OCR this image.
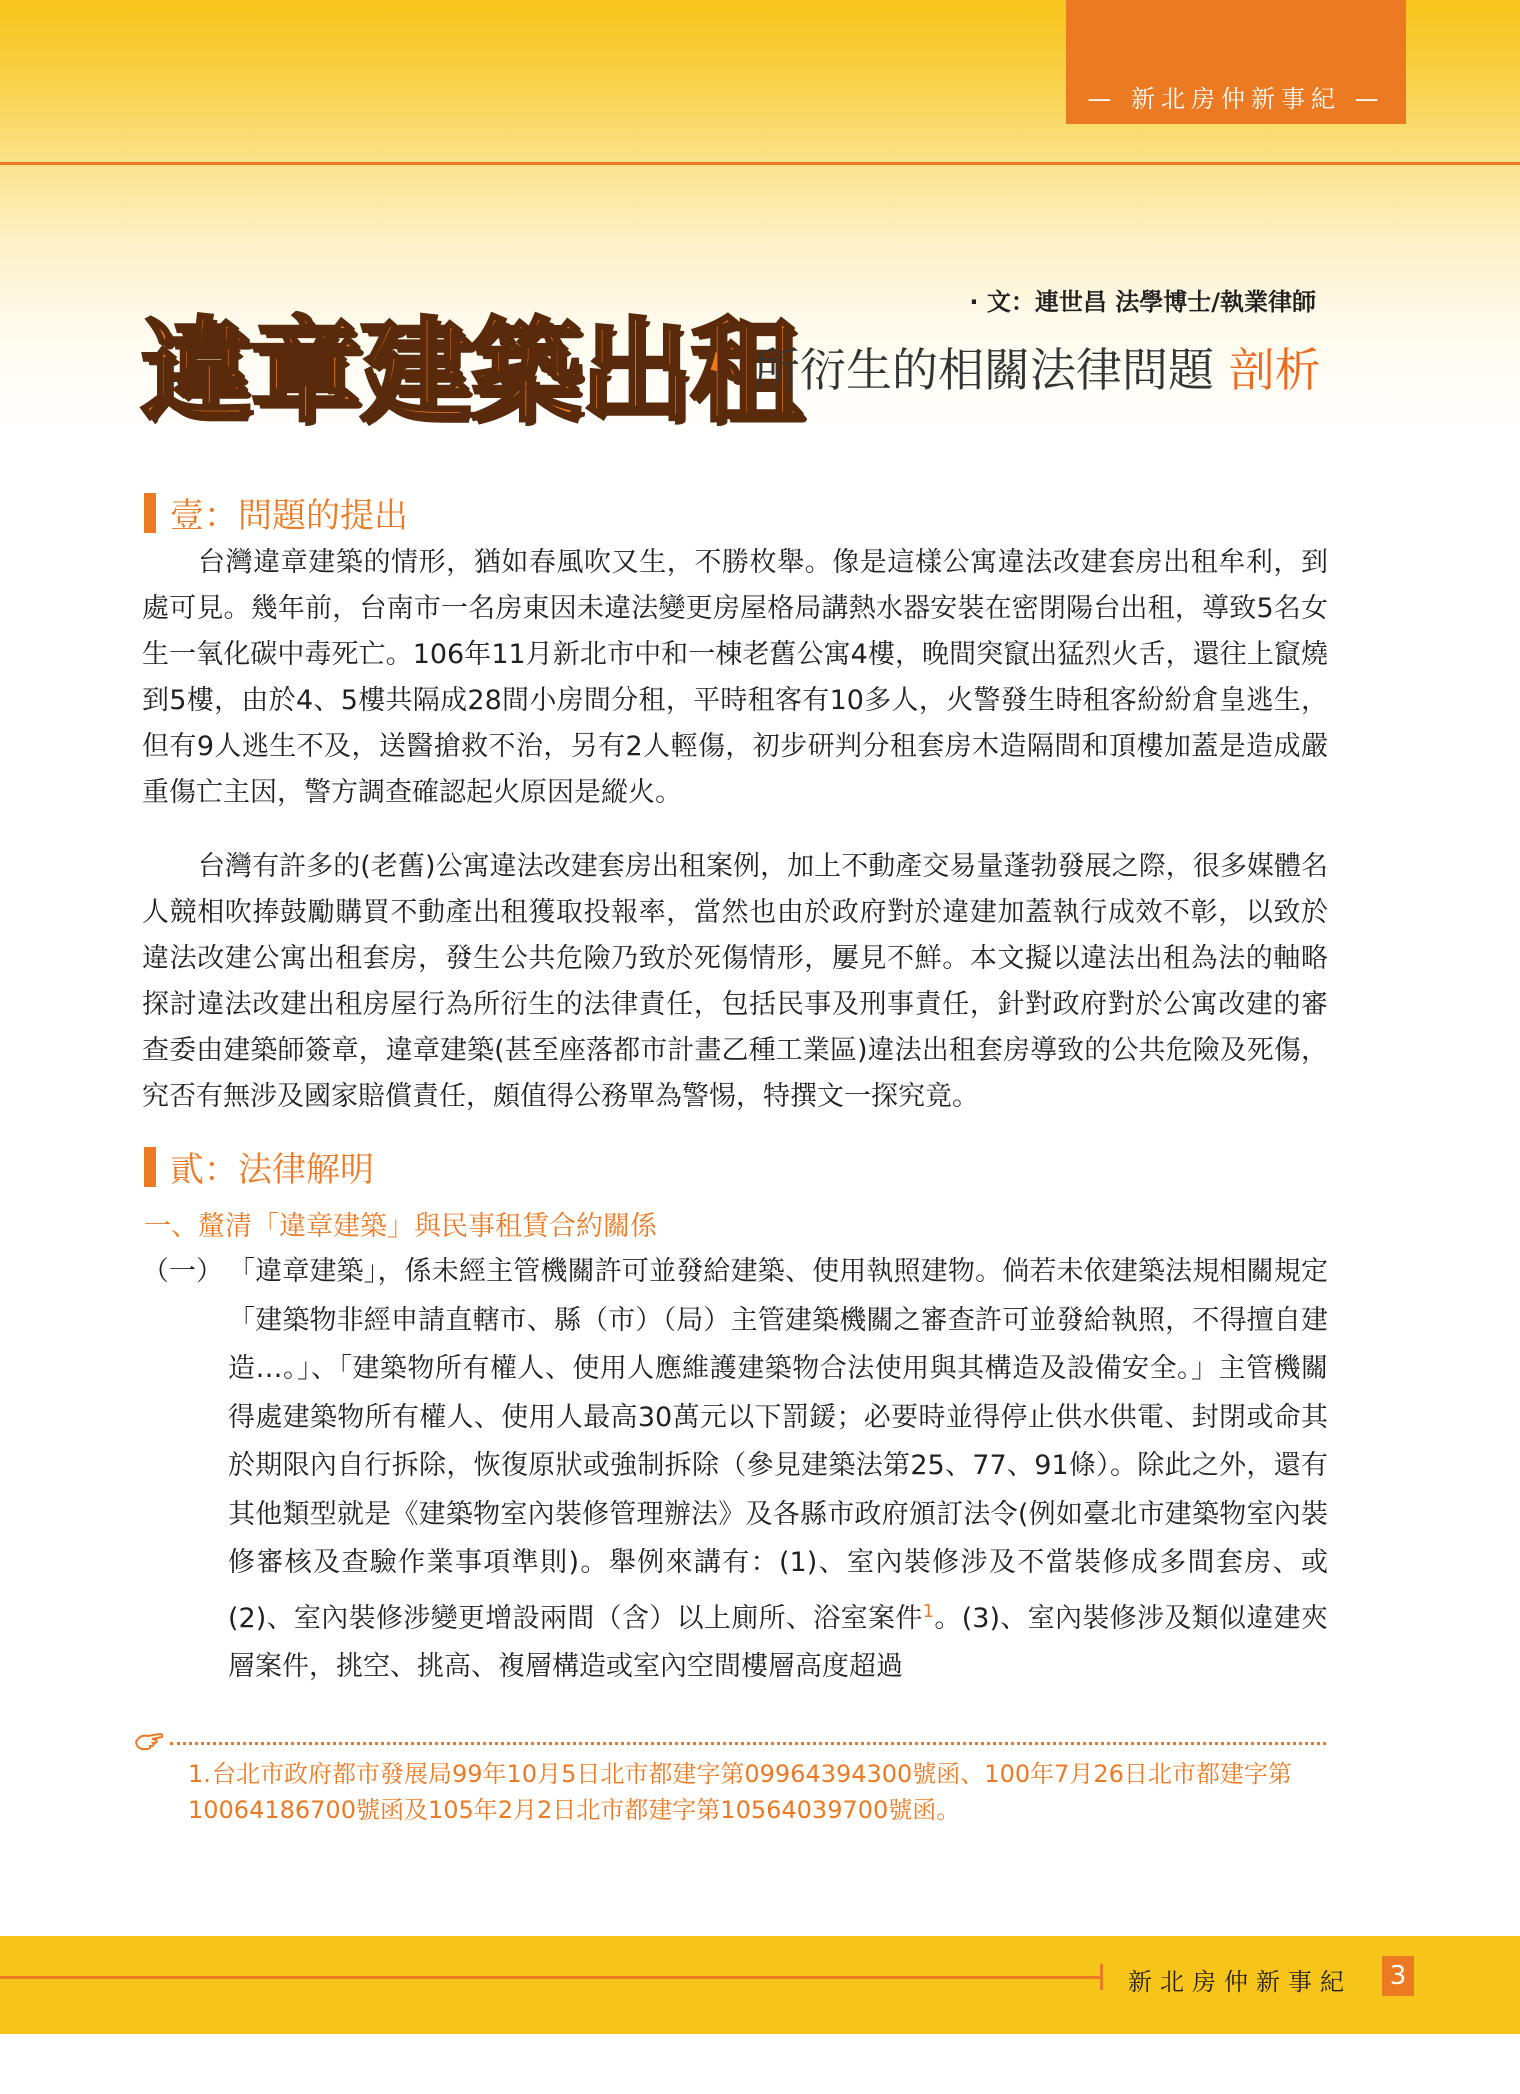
— 新北房仲新事紀 —
· 文：連世昌 法學博士/執業律師
違章建築出租
所衍生的相關法律問題 剖析
壹：問題的提出

台灣違章建築的情形，猶如春風吹又生，不勝枚舉。像是這樣公寓違法改建套房出租牟利，到處可見。幾年前，台南市一名房東因未違法變更房屋格局講熱水器安裝在密閉陽台出租，導致5名女生一氧化碳中毒死亡。106年11月新北市中和一棟老舊公寓4樓，晚間突竄出猛烈火舌，還往上竄燒到5樓，由於4、5樓共隔成28間小房間分租，平時租客有10多人，火警發生時租客紛紛倉皇逃生，但有9人逃生不及，送醫搶救不治，另有2人輕傷，初步研判分租套房木造隔間和頂樓加蓋是造成嚴重傷亡主因，警方調查確認起火原因是縱火。

台灣有許多的(老舊)公寓違法改建套房出租案例，加上不動產交易量蓬勃發展之際，很多媒體名人競相吹捧鼓勵購買不動產出租獲取投報率，當然也由於政府對於違建加蓋執行成效不彰，以致於違法改建公寓出租套房，發生公共危險乃致於死傷情形，屢見不鮮。本文擬以違法出租為法的軸略探討違法改建出租房屋行為所衍生的法律責任，包括民事及刑事責任，針對政府對於公寓改建的審查委由建築師簽章，違章建築(甚至座落都市計畫乙種工業區)違法出租套房導致的公共危險及死傷，究否有無涉及國家賠償責任，頗值得公務單為警惕，特撰文一探究竟。

貳：法律解明
一、釐清「違章建築」與民事租賃合約關係
（一） 「違章建築」，係未經主管機關許可並發給建築、使用執照建物。倘若未依建築法規相關規定「建築物非經申請直轄市、縣（市）（局）主管建築機關之審查許可並發給執照，不得擅自建造…。」、「建築物所有權人、使用人應維護建築物合法使用與其構造及設備安全。」主管機關得處建築物所有權人、使用人最高30萬元以下罰鍰；必要時並得停止供水供電、封閉或命其於期限內自行拆除，恢復原狀或強制拆除（參見建築法第25、77、91條）。除此之外，還有其他類型就是《建築物室內裝修管理辦法》及各縣市政府頒訂法令(例如臺北市建築物室內裝修審核及查驗作業事項準則)。舉例來講有：(1)、室內裝修涉及不當裝修成多間套房、或(2)、室內裝修涉變更增設兩間（含）以上廁所、浴室案件$^1$。(3)、室內裝修涉及類似違建夾層案件，挑空、挑高、複層構造或室內空間樓層高度超過

1.台北市政府都市發展局99年10月5日北市都建字第09964394300號函、100年7月26日北市都建字第10064186700號函及105年2月2日北市都建字第10564039700號函。

新北房仲新事紀 3
